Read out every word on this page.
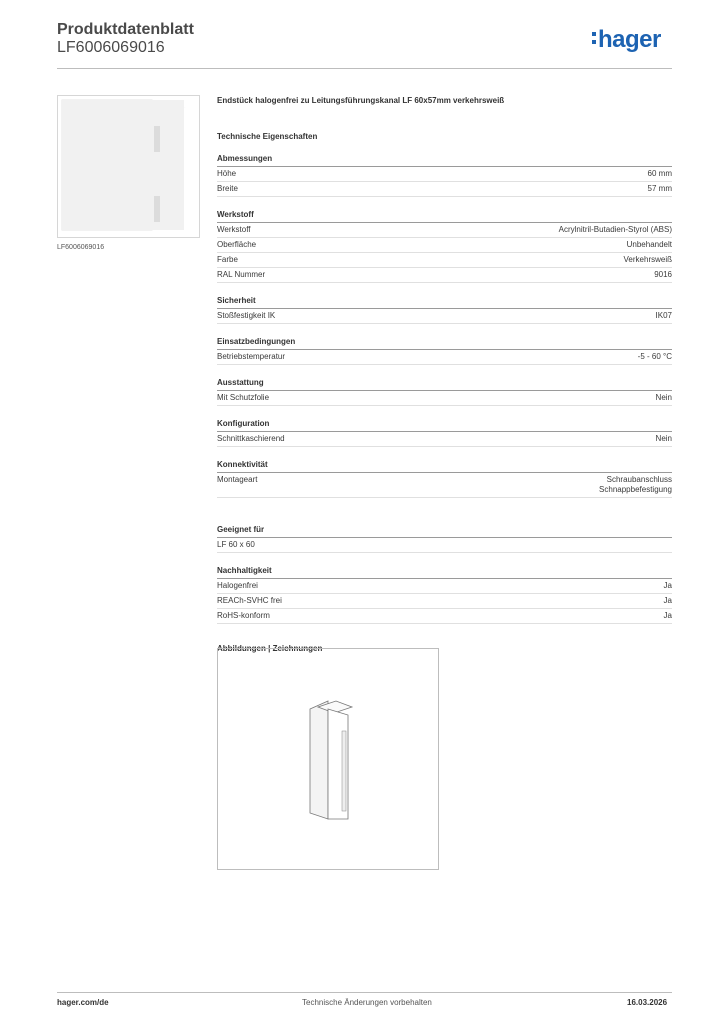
Produktdatenblatt
LF6006069016	hager
LF6006069016
Endstück halogenfrei zu Leitungsführungskanal LF 60x57mm verkehrsweiß
Technische Eigenschaften
Abmessungen
Höhe	60 mm
Breite	57 mm
Werkstoff
Werkstoff	Acrylnitril-Butadien-Styrol (ABS)
Oberfläche	Unbehandelt
Farbe	Verkehrsweiß
RAL Nummer	9016
Sicherheit
Stoßfestigkeit IK	IK07
Einsatzbedingungen
Betriebstemperatur	-5 - 60 °C
Ausstattung
Mit Schutzfolie	Nein
Konfiguration
Schnittkaschierend	Nein
Konnektivität
Montageart	Schraubanschluss
Schnappbefestigung
Geeignet für
LF 60 x 60
Nachhaltigkeit
Halogenfrei	Ja
REACh-SVHC frei	Ja
RoHS-konform	Ja
Abbildungen | Zeichnungen
hager.com/de	Technische Änderungen vorbehalten	16.03.2026
